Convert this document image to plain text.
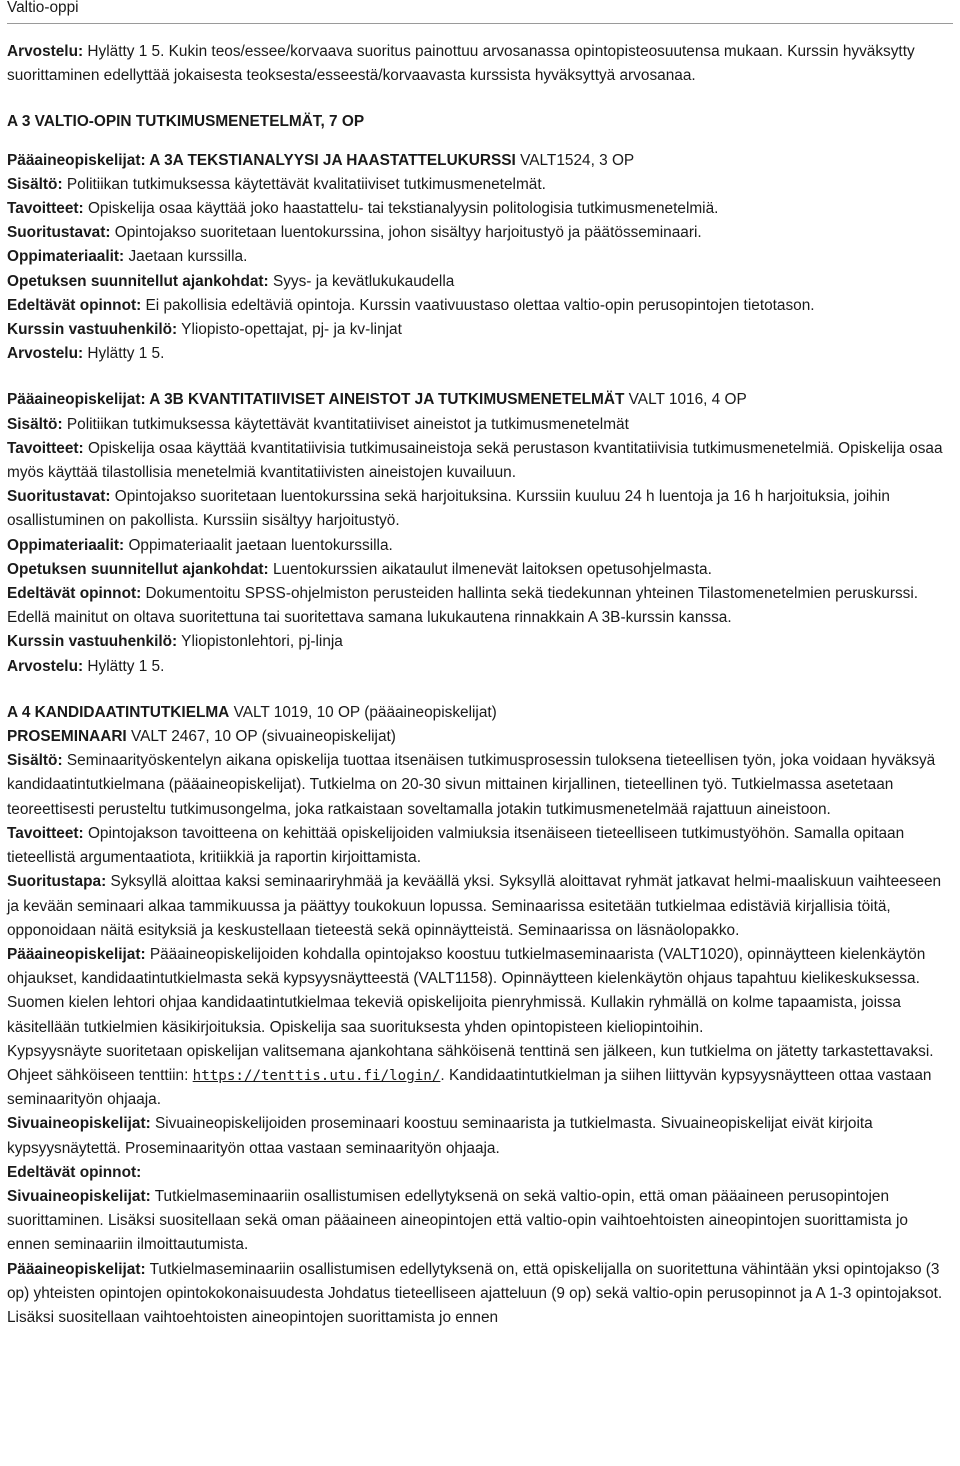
Valtio-oppi

Arvostelu: Hylätty 1 5. Kukin teos/essee/korvaava suoritus painottuu arvosanassa opintopisteosuutensa mukaan. Kurssin hyväksytty suorittaminen edellyttää jokaisesta teoksesta/esseestä/korvaavasta kurssista hyväksyttyä arvosanaa.

A 3 VALTIO-OPIN TUTKIMUSMENETELMÄT, 7 OP

Pääaineopiskelijat: A 3A TEKSTIANALYYSI JA HAASTATTELUKURSSI VALT1524, 3 OP

Sisältö: Politiikan tutkimuksessa käytettävät kvalitatiiviset tutkimusmenetelmät.

Tavoitteet: Opiskelija osaa käyttää joko haastattelu- tai tekstianalyysin politologisia tutkimusmenetelmiä.

Suoritustavat: Opintojakso suoritetaan luentokurssina, johon sisältyy harjoitustyö ja päätösseminaari.

Oppimateriaalit: Jaetaan kurssilla.

Opetuksen suunnitellut ajankohdat: Syys- ja kevätlukukaudella

Edeltävät opinnot: Ei pakollisia edeltäviä opintoja. Kurssin vaativuustaso olettaa valtio-opin perusopintojen tietotason.

Kurssin vastuuhenkilö: Yliopisto-opettajat, pj- ja kv-linjat

Arvostelu: Hylätty 1 5.

Pääaineopiskelijat: A 3B KVANTITATIIVISET AINEISTOT JA TUTKIMUSMENETELMÄT VALT 1016, 4 OP

Sisältö: Politiikan tutkimuksessa käytettävät kvantitatiiviset aineistot ja tutkimusmenetelmät

Tavoitteet: Opiskelija osaa käyttää kvantitatiivisia tutkimusaineistoja sekä perustason kvantitatiivisia tutkimusmenetelmiä. Opiskelija osaa myös käyttää tilastollisia menetelmiä kvantitatiivisten aineistojen kuvailuun.

Suoritustavat: Opintojakso suoritetaan luentokurssina sekä harjoituksina. Kurssiin kuuluu 24 h luentoja ja 16 h harjoituksia, joihin osallistuminen on pakollista. Kurssiin sisältyy harjoitustyö.

Oppimateriaalit: Oppimateriaalit jaetaan luentokurssilla.

Opetuksen suunnitellut ajankohdat: Luentokurssien aikataulut ilmenevät laitoksen opetusohjelmasta.

Edeltävät opinnot: Dokumentoitu SPSS-ohjelmiston perusteiden hallinta sekä tiedekunnan yhteinen Tilastomenetelmien peruskurssi. Edellä mainitut on oltava suoritettuna tai suoritettava samana lukukautena rinnakkain A 3B-kurssin kanssa.

Kurssin vastuuhenkilö: Yliopistonlehtori, pj-linja

Arvostelu: Hylätty 1 5.

A 4 KANDIDAATINTUTKIELMA VALT 1019, 10 OP (pääaineopiskelijat)

PROSEMINAARI VALT 2467, 10 OP (sivuaineopiskelijat)

Sisältö: Seminaarityöskentelyn aikana opiskelija tuottaa itsenäisen tutkimusprosessin tuloksena tieteellisen työn, joka voidaan hyväksyä kandidaatintutkielmana (pääaineopiskelijat). Tutkielma on 20-30 sivun mittainen kirjallinen, tieteellinen työ. Tutkielmassa asetetaan teoreettisesti perusteltu tutkimusongelma, joka ratkaistaan soveltamalla jotakin tutkimusmenetelmää rajattuun aineistoon.

Tavoitteet: Opintojakson tavoitteena on kehittää opiskelijoiden valmiuksia itsenäiseen tieteelliseen tutkimustyöhön. Samalla opitaan tieteellistä argumentaatiota, kritiikkiä ja raportin kirjoittamista.

Suoritustapa: Syksyllä aloittaa kaksi seminaariryhmää ja keväällä yksi. Syksyllä aloittavat ryhmät jatkavat helmi-maaliskuun vaihteeseen ja kevään seminaari alkaa tammikuussa ja päättyy toukokuun lopussa. Seminaarissa esitetään tutkielmaa edistäviä kirjallisia töitä, opponoidaan näitä esityksiä ja keskustellaan tieteestä sekä opinnäytteistä. Seminaarissa on läsnäolopakko.

Pääaineopiskelijat: Pääaineopiskelijoiden kohdalla opintojakso koostuu tutkielmaseminaarista (VALT1020), opinnäytteen kielenkäytön ohjaukset, kandidaatintutkielmasta sekä kypsyysnäytteestä (VALT1158). Opinnäytteen kielenkäytön ohjaus tapahtuu kielikeskuksessa. Suomen kielen lehtori ohjaa kandidaatintutkielmaa tekeviä opiskelijoita pienryhmissä. Kullakin ryhmällä on kolme tapaamista, joissa käsitellään tutkielmien käsikirjoituksia. Opiskelija saa suorituksesta yhden opintopisteen kieliopintoihin.

Kypsyysnäyte suoritetaan opiskelijan valitsemana ajankohtana sähköisenä tenttinä sen jälkeen, kun tutkielma on jätetty tarkastettavaksi. Ohjeet sähköiseen tenttiin: https://tenttis.utu.fi/login/. Kandidaatintutkielman ja siihen liittyvän kypsyysnäytteen ottaa vastaan seminaarityön ohjaaja.

Sivuaineopiskelijat: Sivuaineopiskelijoiden proseminaari koostuu seminaarista ja tutkielmasta. Sivuaineopiskelijat eivät kirjoita kypsyysnäytettä. Proseminaarityön ottaa vastaan seminaarityön ohjaaja.

Edeltävät opinnot:

Sivuaineopiskelijat: Tutkielmaseminaariin osallistumisen edellytyksenä on sekä valtio-opin, että oman pääaineen perusopintojen suorittaminen. Lisäksi suositellaan sekä oman pääaineen aineopintojen että valtio-opin vaihtoehtoisten aineopintojen suorittamista jo ennen seminaariin ilmoittautumista.

Pääaineopiskelijat: Tutkielmaseminaariin osallistumisen edellytyksenä on, että opiskelijalla on suoritettuna vähintään yksi opintojakso (3 op) yhteisten opintojen opintokokonaisuudesta Johdatus tieteelliseen ajatteluun (9 op) sekä valtio-opin perusopinnot ja A 1-3 opintojaksot. Lisäksi suositellaan vaihtoehtoisten aineopintojen suorittamista jo ennen
